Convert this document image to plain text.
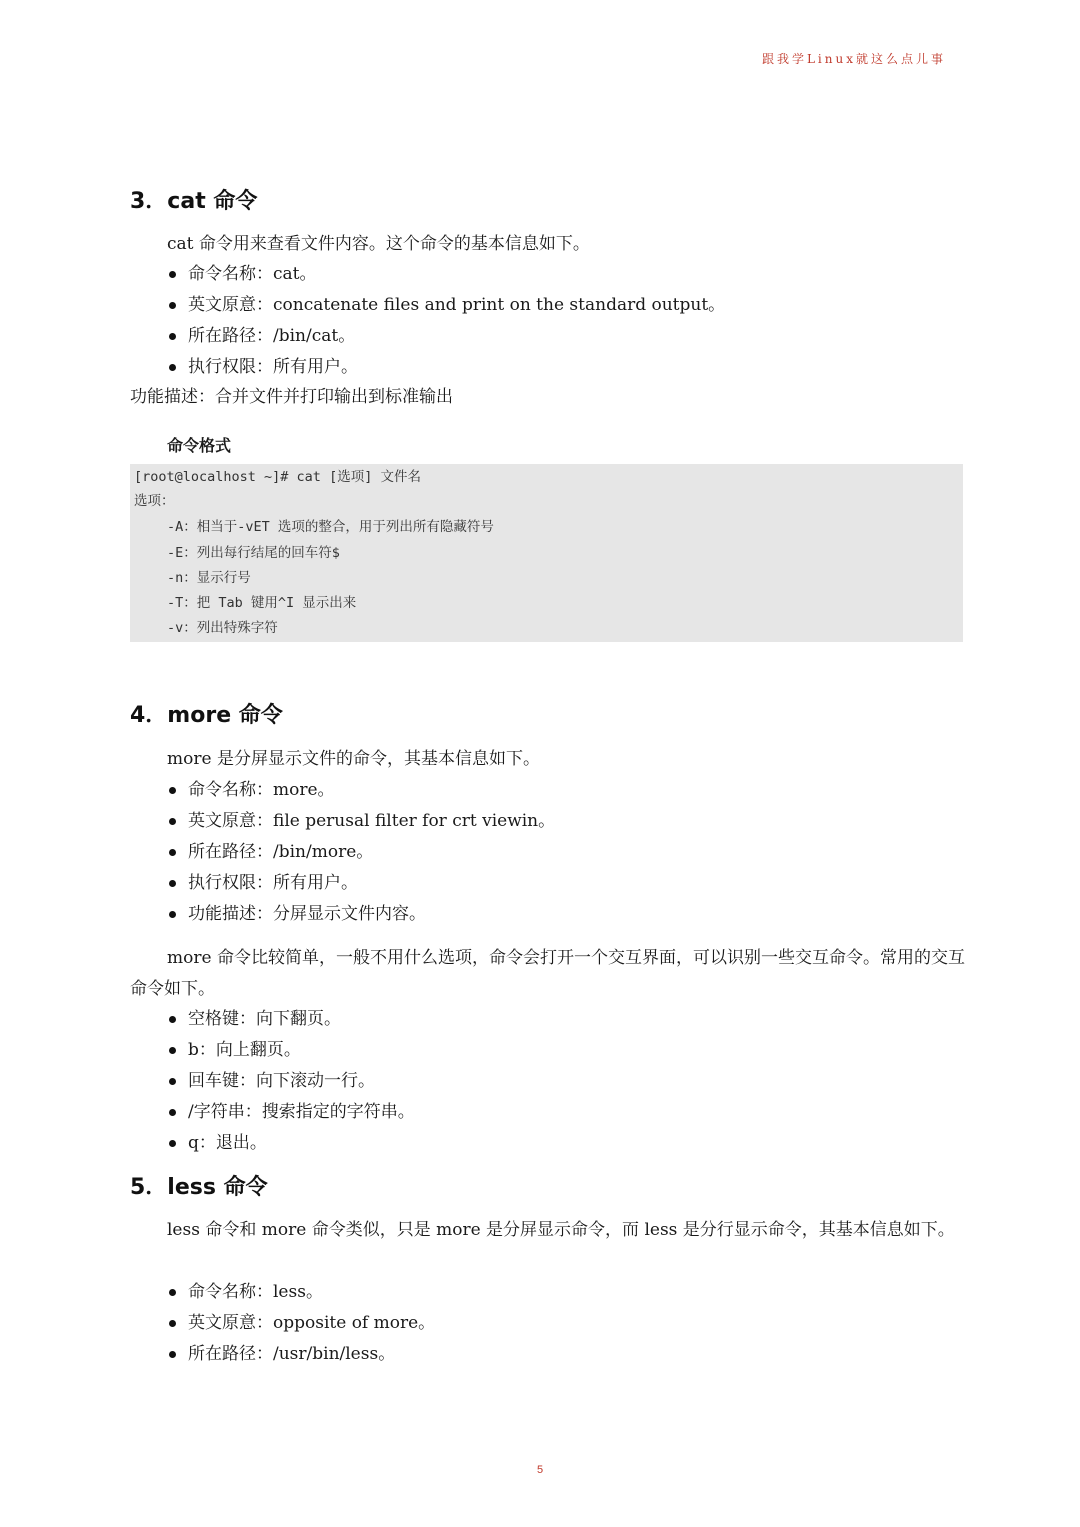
跟我学Linux就这么点儿事
3．cat 命令
cat 命令用来查看文件内容。这个命令的基本信息如下。
命令名称：cat。
英文原意：concatenate files and print on the standard output。
所在路径：/bin/cat。
执行权限：所有用户。
功能描述：合并文件并打印输出到标准输出
命令格式
[root@localhost ~]# cat [选项] 文件名
选项：
-A：相当于-vET 选项的整合，用于列出所有隐藏符号
-E：列出每行结尾的回车符$
-n：显示行号
-T：把 Tab 键用^I 显示出来
-v：列出特殊字符
4．more 命令
more 是分屏显示文件的命令，其基本信息如下。
命令名称：more。
英文原意：file perusal filter for crt viewin。
所在路径：/bin/more。
执行权限：所有用户。
功能描述：分屏显示文件内容。
more 命令比较简单，一般不用什么选项，命令会打开一个交互界面，可以识别一些交互命令。常用的交互命令如下。
空格键：向下翻页。
b：向上翻页。
回车键：向下滚动一行。
/字符串：搜索指定的字符串。
q：退出。
5．less 命令
less 命令和 more 命令类似，只是 more 是分屏显示命令，而 less 是分行显示命令，其基本信息如下。
命令名称：less。
英文原意：opposite of more。
所在路径：/usr/bin/less。
5
